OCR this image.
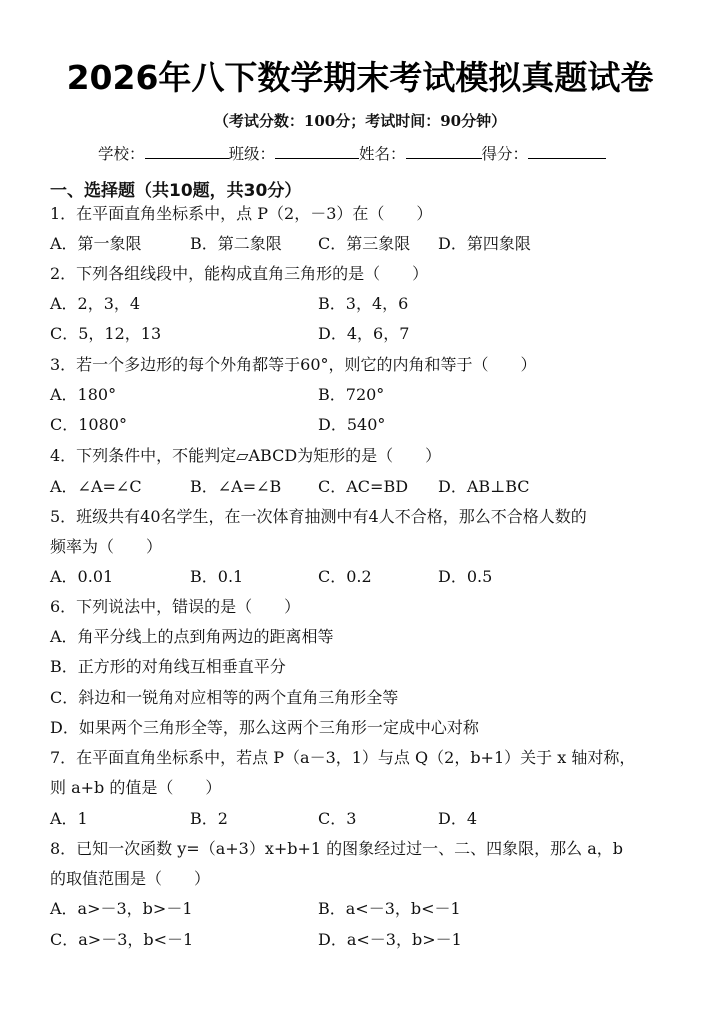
2026年八下数学期末考试模拟真题试卷
（考试分数：100分；考试时间：90分钟）
学校：	班级：	姓名：	得分：
一、选择题（共10题，共30分）
1．在平面直角坐标系中，点 P（2，－3）在（　　）
A．第一象限	B．第二象限 C．第三象限 D．第四象限
2．下列各组线段中，能构成直角三角形的是（　　）
A．2，3，4	B．3，4，6
C．5，12，13	D．4，6，7
3．若一个多边形的每个外角都等于60°，则它的内角和等于（　　）
A．180°	B．720°
C．1080°	D．540°
4．下列条件中，不能判定▱ABCD为矩形的是（　　）
A．∠A=∠C	B．∠A=∠B C．AC=BD D．AB⊥BC
5．班级共有40名学生，在一次体育抽测中有4人不合格，那么不合格人数的
频率为（　　）
A．0.01	B．0.1	C．0.2	D．0.5
6．下列说法中，错误的是（　　）
A．角平分线上的点到角两边的距离相等
B．正方形的对角线互相垂直平分
C．斜边和一锐角对应相等的两个直角三角形全等
D．如果两个三角形全等，那么这两个三角形一定成中心对称
7．在平面直角坐标系中，若点 P（a－3，1）与点 Q（2，b+1）关于 x 轴对称，
则 a+b 的值是（　　）
A．1	B．2	C．3	D．4
8．已知一次函数 y=（a+3）x+b+1 的图象经过过一、二、四象限，那么 a，b
的取值范围是（　　）
A．a>－3，b>－1	B．a<－3，b<－1
C．a>－3，b<－1	D．a<－3，b>－1
